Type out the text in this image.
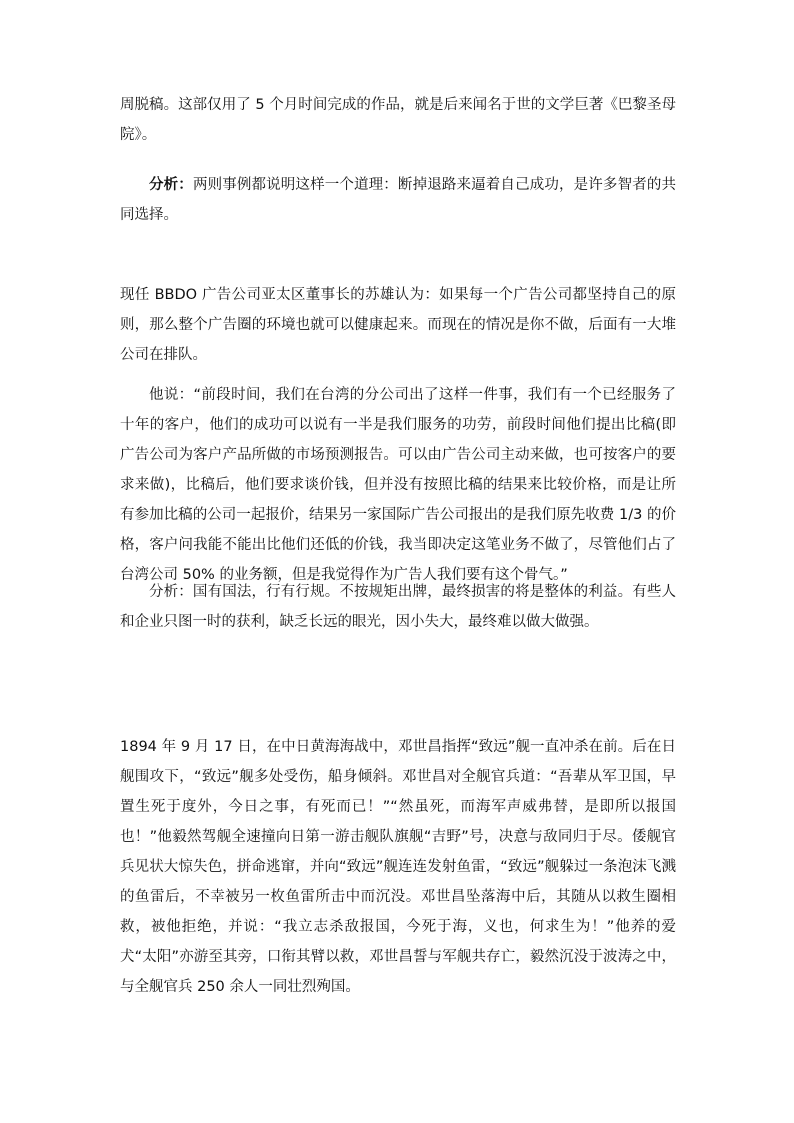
周脱稿。这部仅用了 5 个月时间完成的作品，就是后来闻名于世的文学巨著《巴黎圣母院》。

分析：两则事例都说明这样一个道理：断掉退路来逼着自己成功，是许多智者的共同选择。

现任 BBDO 广告公司亚太区董事长的苏雄认为：如果每一个广告公司都坚持自己的原则，那么整个广告圈的环境也就可以健康起来。而现在的情况是你不做，后面有一大堆公司在排队。

他说：“前段时间，我们在台湾的分公司出了这样一件事，我们有一个已经服务了十年的客户，他们的成功可以说有一半是我们服务的功劳，前段时间他们提出比稿(即广告公司为客户产品所做的市场预测报告。可以由广告公司主动来做，也可按客户的要求来做)，比稿后，他们要求谈价钱，但并没有按照比稿的结果来比较价格，而是让所有参加比稿的公司一起报价，结果另一家国际广告公司报出的是我们原先收费 1/3 的价格，客户问我能不能出比他们还低的价钱，我当即决定这笔业务不做了，尽管他们占了台湾公司 50% 的业务额，但是我觉得作为广告人我们要有这个骨气。”

分析：国有国法，行有行规。不按规矩出牌，最终损害的将是整体的利益。有些人和企业只图一时的获利，缺乏长远的眼光，因小失大，最终难以做大做强。

1894 年 9 月 17 日，在中日黄海海战中，邓世昌指挥“致远”舰一直冲杀在前。后在日舰围攻下，“致远”舰多处受伤，船身倾斜。邓世昌对全舰官兵道：“吾辈从军卫国，早置生死于度外，今日之事，有死而已！”“然虽死，而海军声威弗替，是即所以报国也！”他毅然驾舰全速撞向日第一游击舰队旗舰“吉野”号，决意与敌同归于尽。倭舰官兵见状大惊失色，拼命逃窜，并向“致远”舰连连发射鱼雷，“致远”舰躲过一条泡沫飞溅的鱼雷后，不幸被另一枚鱼雷所击中而沉没。邓世昌坠落海中后，其随从以救生圈相救，被他拒绝，并说：“我立志杀敌报国，今死于海，义也，何求生为！”他养的爱犬“太阳”亦游至其旁，口衔其臂以救，邓世昌誓与军舰共存亡，毅然沉没于波涛之中，与全舰官兵 250 余人一同壮烈殉国。
